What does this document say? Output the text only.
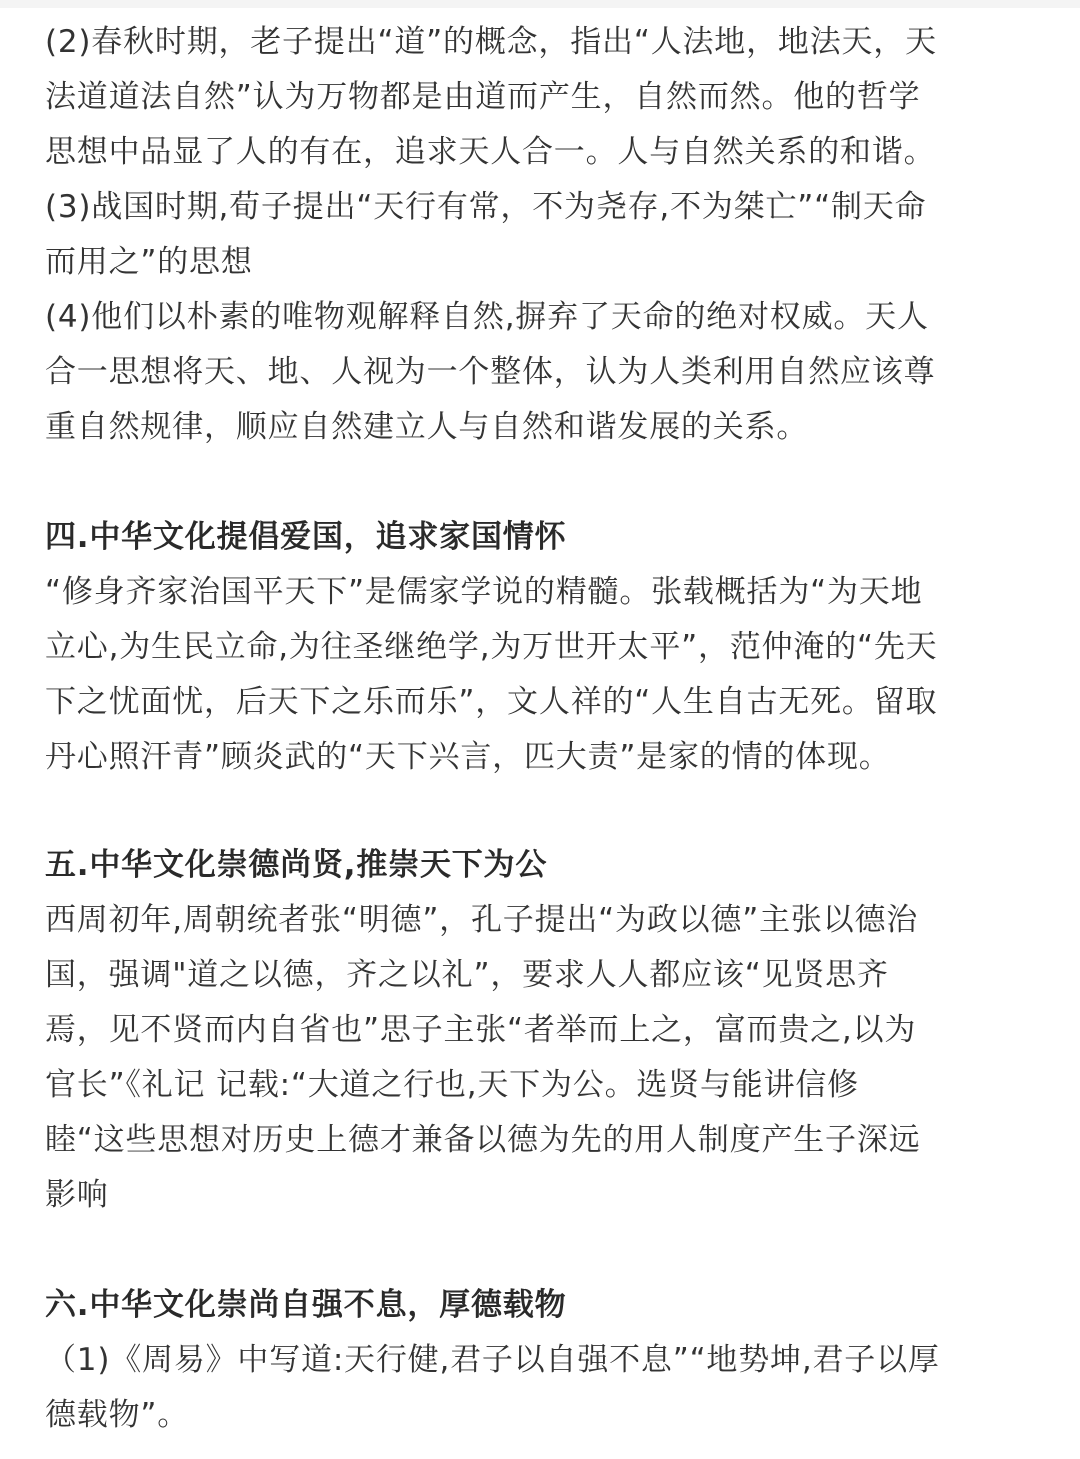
(2)春秋时期，老子提出“道”的概念，指出“人法地，地法天，天
法道道法自然”认为万物都是由道而产生，自然而然。他的哲学
思想中品显了人的有在，追求天人合一。人与自然关系的和谐。
(3)战国时期,荀子提出“天行有常，不为尧存,不为桀亡”“制天命
而用之”的思想
(4)他们以朴素的唯物观解释自然,摒弃了天命的绝对权威。天人
合一思想将天、地、人视为一个整体，认为人类利用自然应该尊
重自然规律，顺应自然建立人与自然和谐发展的关系。
四.中华文化提倡爱国，追求家国情怀
“修身齐家治国平天下”是儒家学说的精髓。张载概括为“为天地
立心,为生民立命,为往圣继绝学,为万世开太平”，范仲淹的“先天
下之忧面忧，后天下之乐而乐”，文人祥的“人生自古无死。留取
丹心照汗青”顾炎武的“天下兴言，匹大责”是家的情的体现。
五.中华文化崇德尚贤,推崇天下为公
西周初年,周朝统者张“明德”，孔子提出“为政以德”主张以德治
国，强调"道之以德，齐之以礼”，要求人人都应该“见贤思齐
焉，见不贤而内自省也”思子主张“者举而上之，富而贵之,以为
官长”《礼记 记载:“大道之行也,天下为公。选贤与能讲信修
睦“这些思想对历史上德才兼备以德为先的用人制度产生子深远
影响
六.中华文化崇尚自强不息，厚德载物
（1)《周易》中写道:天行健,君子以自强不息”“地势坤,君子以厚
德载物”。
